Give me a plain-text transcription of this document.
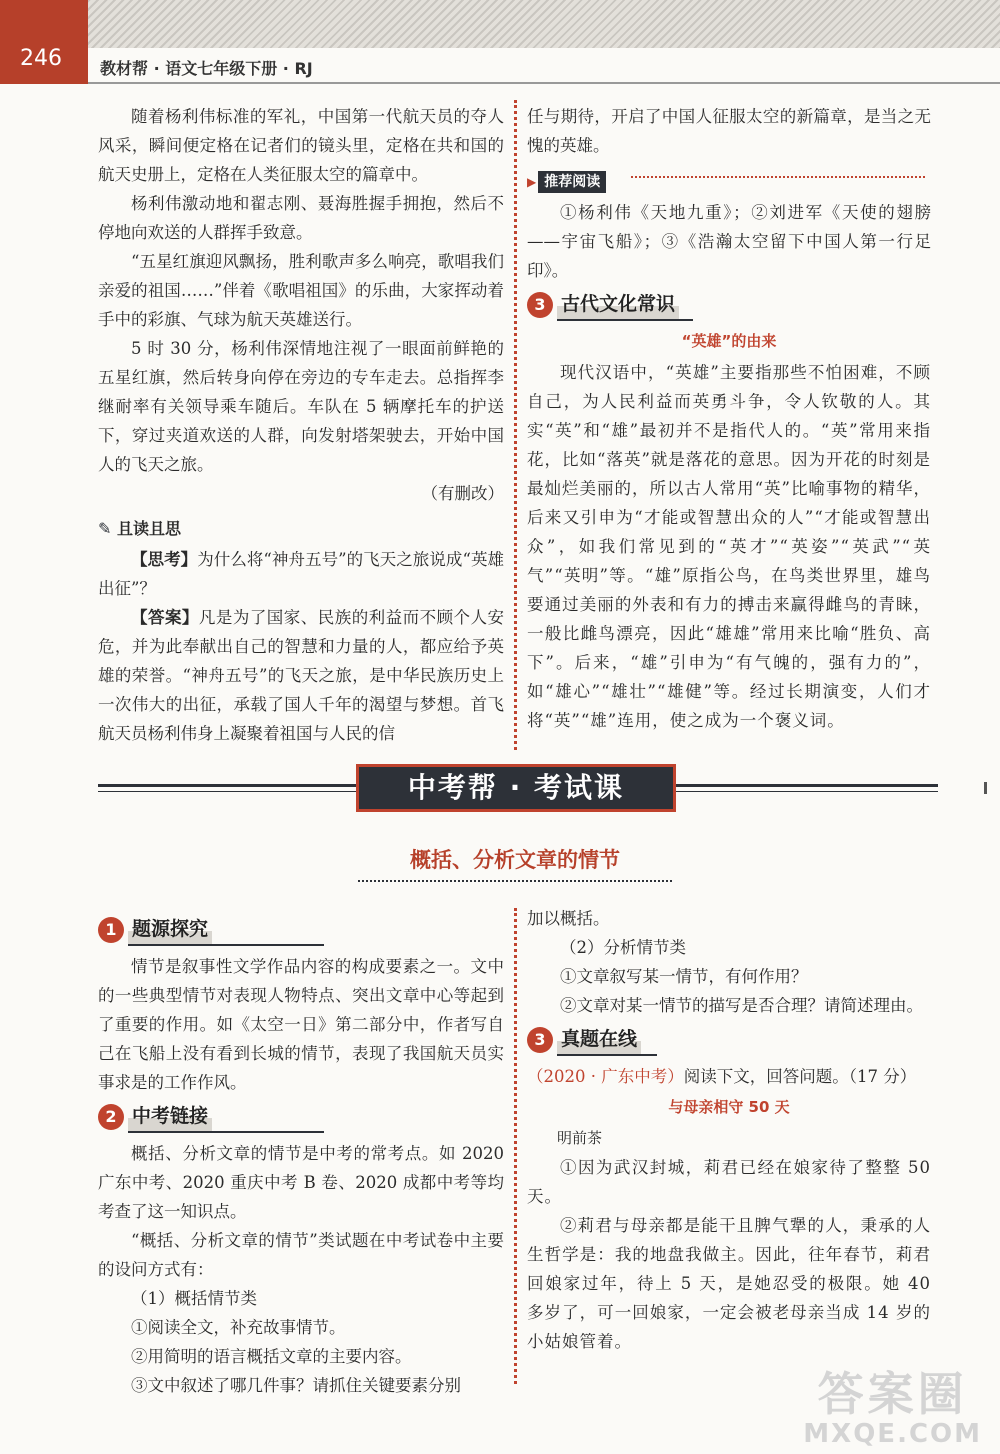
246 教材帮 · 语文七年级下册 · RJ

随着杨利伟标准的军礼，中国第一代航天员的夺人风采，瞬间便定格在记者们的镜头里，定格在共和国的航天史册上，定格在人类征服太空的篇章中。

杨利伟激动地和翟志刚、聂海胜握手拥抱，然后不停地向欢送的人群挥手致意。

“五星红旗迎风飘扬，胜利歌声多么响亮，歌唱我们亲爱的祖国……”伴着《歌唱祖国》的乐曲，大家挥动着手中的彩旗、气球为航天英雄送行。

5 时 30 分，杨利伟深情地注视了一眼面前鲜艳的五星红旗，然后转身向停在旁边的专车走去。总指挥李继耐率有关领导乘车随后。车队在 5 辆摩托车的护送下，穿过夹道欢送的人群，向发射塔架驶去，开始中国人的飞天之旅。

（有删改）

✎ 且读且思

【思考】为什么将“神舟五号”的飞天之旅说成“英雄出征”？

【答案】凡是为了国家、民族的利益而不顾个人安危，并为此奉献出自己的智慧和力量的人，都应给予英雄的荣誉。“神舟五号”的飞天之旅，是中华民族历史上一次伟大的出征，承载了国人千年的渴望与梦想。首飞航天员杨利伟身上凝聚着祖国与人民的信

任与期待，开启了中国人征服太空的新篇章，是当之无愧的英雄。

▶ 推荐阅读

①杨利伟《天地九重》；②刘进军《天使的翅膀——宇宙飞船》；③《浩瀚太空留下中国人第一行足印》。

3 古代文化常识
“英雄”的由来

现代汉语中，“英雄”主要指那些不怕困难，不顾自己，为人民利益而英勇斗争，令人钦敬的人。其实“英”和“雄”最初并不是指代人的。“英”常用来指花，比如“落英”就是落花的意思。因为开花的时刻是最灿烂美丽的，所以古人常用“英”比喻事物的精华，后来又引申为“才能或智慧出众的人”“才能或智慧出众”，如我们常见到的“英才”“英姿”“英武”“英气”“英明”等。“雄”原指公鸟，在鸟类世界里，雄鸟要通过美丽的外表和有力的搏击来赢得雌鸟的青睐，一般比雌鸟漂亮，因此“雄雄”常用来比喻“胜负、高下”。后来，“雄”引申为“有气魄的，强有力的”，如“雄心”“雄壮”“雄健”等。经过长期演变，人们才将“英”“雄”连用，使之成为一个褒义词。

中考帮 · 考试课
概括、分析文章的情节
1 题源探究

情节是叙事性文学作品内容的构成要素之一。文中的一些典型情节对表现人物特点、突出文章中心等起到了重要的作用。如《太空一日》第二部分中，作者写自己在飞船上没有看到长城的情节，表现了我国航天员实事求是的工作作风。

2 中考链接

概括、分析文章的情节是中考的常考点。如 2020 广东中考、2020 重庆中考 B 卷、2020 成都中考等均考查了这一知识点。

“概括、分析文章的情节”类试题在中考试卷中主要的设问方式有：

（1）概括情节类

①阅读全文，补充故事情节。

②用简明的语言概括文章的主要内容。

③文中叙述了哪几件事？请抓住关键要素分别

加以概括。

（2）分析情节类

①文章叙写某一情节，有何作用？

②文章对某一情节的描写是否合理？请简述理由。

3 真题在线

（2020 · 广东中考）阅读下文，回答问题。（17 分）

与母亲相守 50 天

明前茶

①因为武汉封城，莉君已经在娘家待了整整 50 天。

②莉君与母亲都是能干且脾气犟的人，秉承的人生哲学是：我的地盘我做主。因此，往年春节，莉君回娘家过年，待上 5 天，是她忍受的极限。她 40 多岁了，可一回娘家，一定会被老母亲当成 14 岁的小姑娘管着。

答案圈
MXQE.COM
